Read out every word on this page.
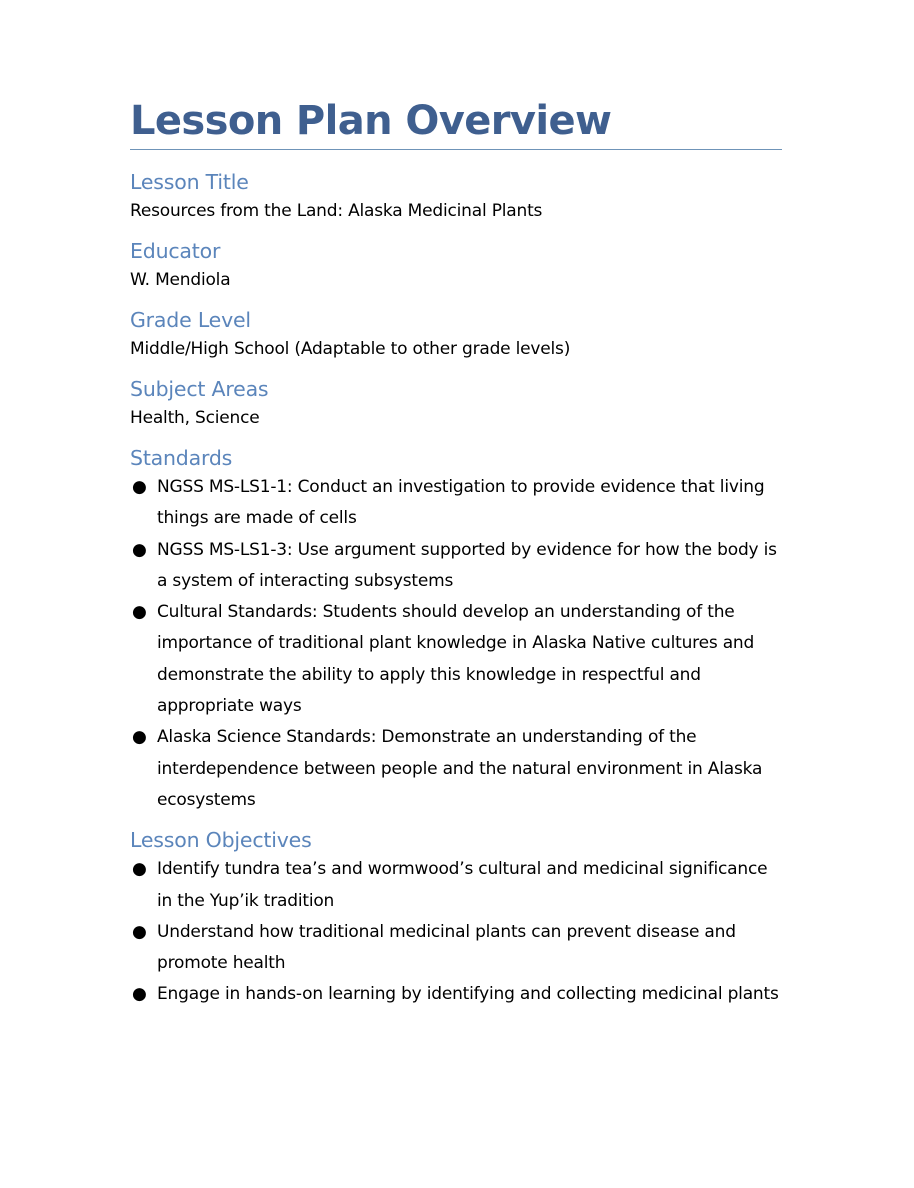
Lesson Plan Overview
Lesson Title

Resources from the Land: Alaska Medicinal Plants

Educator

W. Mendiola

Grade Level

Middle/High School (Adaptable to other grade levels)

Subject Areas

Health, Science

Standards
● NGSS MS-LS1-1: Conduct an investigation to provide evidence that living things are made of cells
● NGSS MS-LS1-3: Use argument supported by evidence for how the body is a system of interacting subsystems
● Cultural Standards: Students should develop an understanding of the importance of traditional plant knowledge in Alaska Native cultures and demonstrate the ability to apply this knowledge in respectful and appropriate ways
● Alaska Science Standards: Demonstrate an understanding of the interdependence between people and the natural environment in Alaska ecosystems
Lesson Objectives
● Identify tundra tea’s and wormwood’s cultural and medicinal significance in the Yup’ik tradition
● Understand how traditional medicinal plants can prevent disease and promote health
● Engage in hands-on learning by identifying and collecting medicinal plants
